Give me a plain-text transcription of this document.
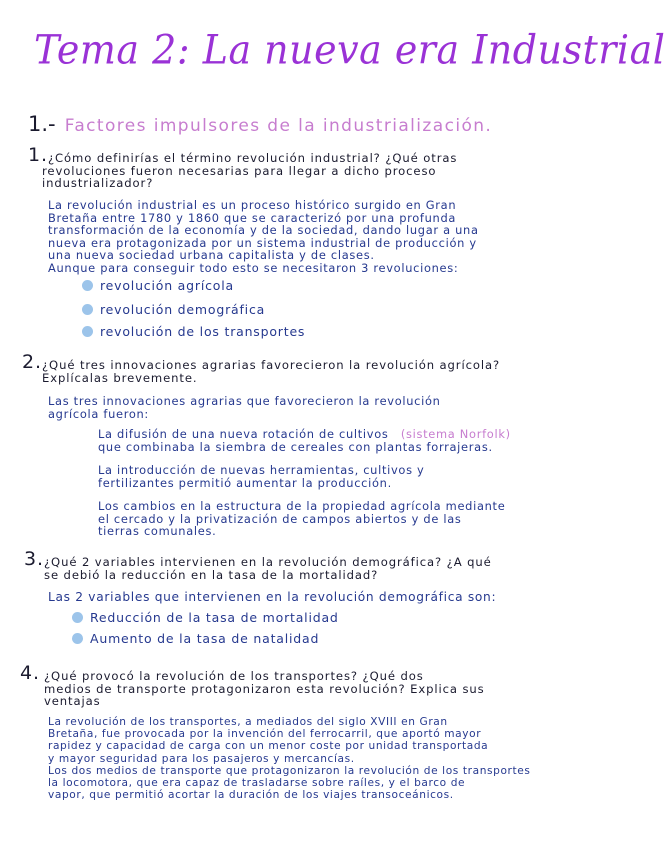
Tema 2: La nueva era Industrial
1.- Factores impulsores de la industrialización.
1. ¿Cómo definirías el término revolución industrial? ¿Qué otras
revoluciones fueron necesarias para llegar a dicho proceso
industrializador?
La revolución industrial es un proceso histórico surgido en Gran
Bretaña entre 1780 y 1860 que se caracterizó por una profunda
transformación de la economía y de la sociedad, dando lugar a una
nueva era protagonizada por un sistema industrial de producción y
una nueva sociedad urbana capitalista y de clases.
Aunque para conseguir todo esto se necesitaron 3 revoluciones:
revolución agrícola
revolución demográfica
revolución de los transportes
2. ¿Qué tres innovaciones agrarias favorecieron la revolución agrícola?
Explícalas brevemente.
Las tres innovaciones agrarias que favorecieron la revolución
agrícola fueron:
La difusión de una nueva rotación de cultivos (sistema Norfolk)
que combinaba la siembra de cereales con plantas forrajeras.
La introducción de nuevas herramientas, cultivos y
fertilizantes permitió aumentar la producción.
Los cambios en la estructura de la propiedad agrícola mediante
el cercado y la privatización de campos abiertos y de las
tierras comunales.
3. ¿Qué 2 variables intervienen en la revolución demográfica? ¿A qué
se debió la reducción en la tasa de la mortalidad?
Las 2 variables que intervienen en la revolución demográfica son:
Reducción de la tasa de mortalidad
Aumento de la tasa de natalidad
4. ¿Qué provocó la revolución de los transportes? ¿Qué dos
medios de transporte protagonizaron esta revolución? Explica sus
ventajas
La revolución de los transportes, a mediados del siglo XVIII en Gran
Bretaña, fue provocada por la invención del ferrocarril, que aportó mayor
rapidez y capacidad de carga con un menor coste por unidad transportada
y mayor seguridad para los pasajeros y mercancías.
Los dos medios de transporte que protagonizaron la revolución de los transportes
la locomotora, que era capaz de trasladarse sobre raíles, y el barco de
vapor, que permitió acortar la duración de los viajes transoceánicos.
